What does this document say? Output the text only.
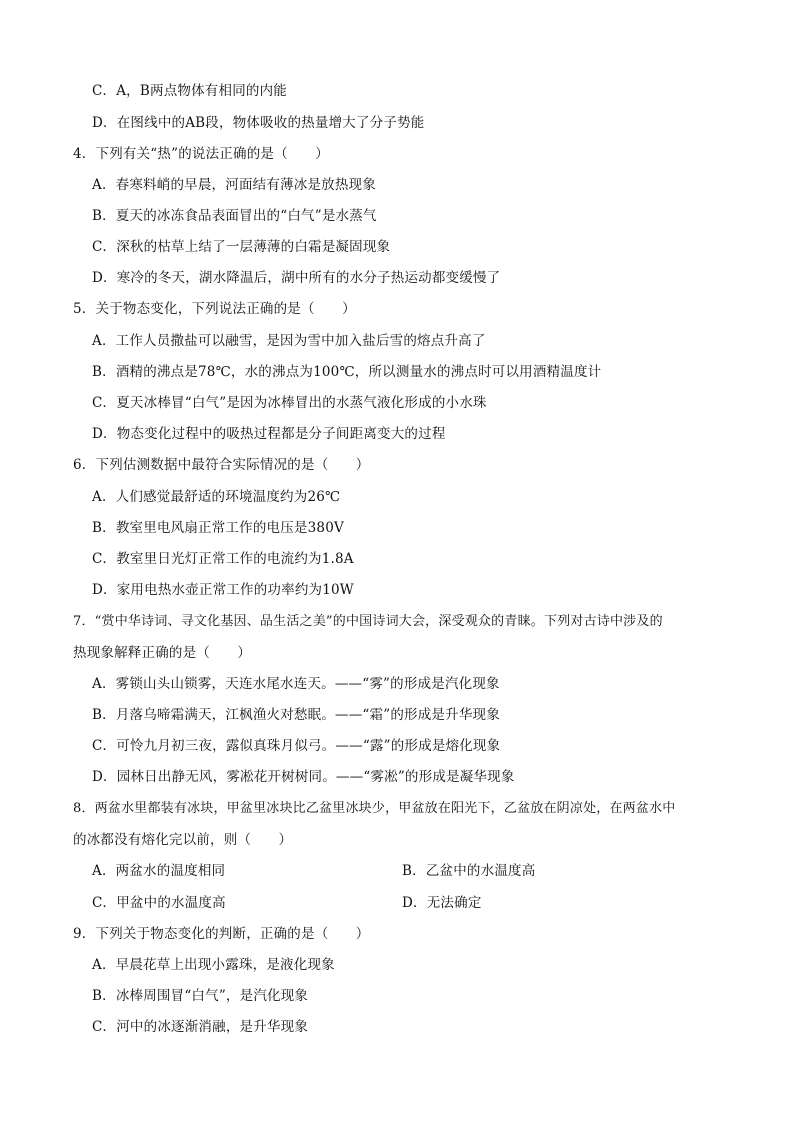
C．A，B两点物体有相同的内能
D．在图线中的AB段，物体吸收的热量增大了分子势能
4．下列有关“热”的说法正确的是（　　）
A．春寒料峭的早晨，河面结有薄冰是放热现象
B．夏天的冰冻食品表面冒出的“白气”是水蒸气
C．深秋的枯草上结了一层薄薄的白霜是凝固现象
D．寒冷的冬天，湖水降温后，湖中所有的水分子热运动都变缓慢了
5．关于物态变化，下列说法正确的是（　　）
A．工作人员撒盐可以融雪，是因为雪中加入盐后雪的熔点升高了
B．酒精的沸点是78℃，水的沸点为100℃，所以测量水的沸点时可以用酒精温度计
C．夏天冰棒冒“白气”是因为冰棒冒出的水蒸气液化形成的小水珠
D．物态变化过程中的吸热过程都是分子间距离变大的过程
6．下列估测数据中最符合实际情况的是（　　）
A．人们感觉最舒适的环境温度约为26℃
B．教室里电风扇正常工作的电压是380V
C．教室里日光灯正常工作的电流约为1.8A
D．家用电热水壶正常工作的功率约为10W
7．“赏中华诗词、寻文化基因、品生活之美”的中国诗词大会，深受观众的青睐。下列对古诗中涉及的
热现象解释正确的是（　　）
A．雾锁山头山锁雾，天连水尾水连天。——“雾”的形成是汽化现象
B．月落乌啼霜满天，江枫渔火对愁眠。——“霜”的形成是升华现象
C．可怜九月初三夜，露似真珠月似弓。——“露”的形成是熔化现象
D．园林日出静无风，雾凇花开树树同。——“雾凇”的形成是凝华现象
8．两盆水里都装有冰块，甲盆里冰块比乙盆里冰块少，甲盆放在阳光下，乙盆放在阴凉处，在两盆水中
的冰都没有熔化完以前，则（　　）
A．两盆水的温度相同	B．乙盆中的水温度高
C．甲盆中的水温度高	D．无法确定
9．下列关于物态变化的判断，正确的是（　　）
A．早晨花草上出现小露珠，是液化现象
B．冰棒周围冒“白气”，是汽化现象
C．河中的冰逐渐消融，是升华现象
